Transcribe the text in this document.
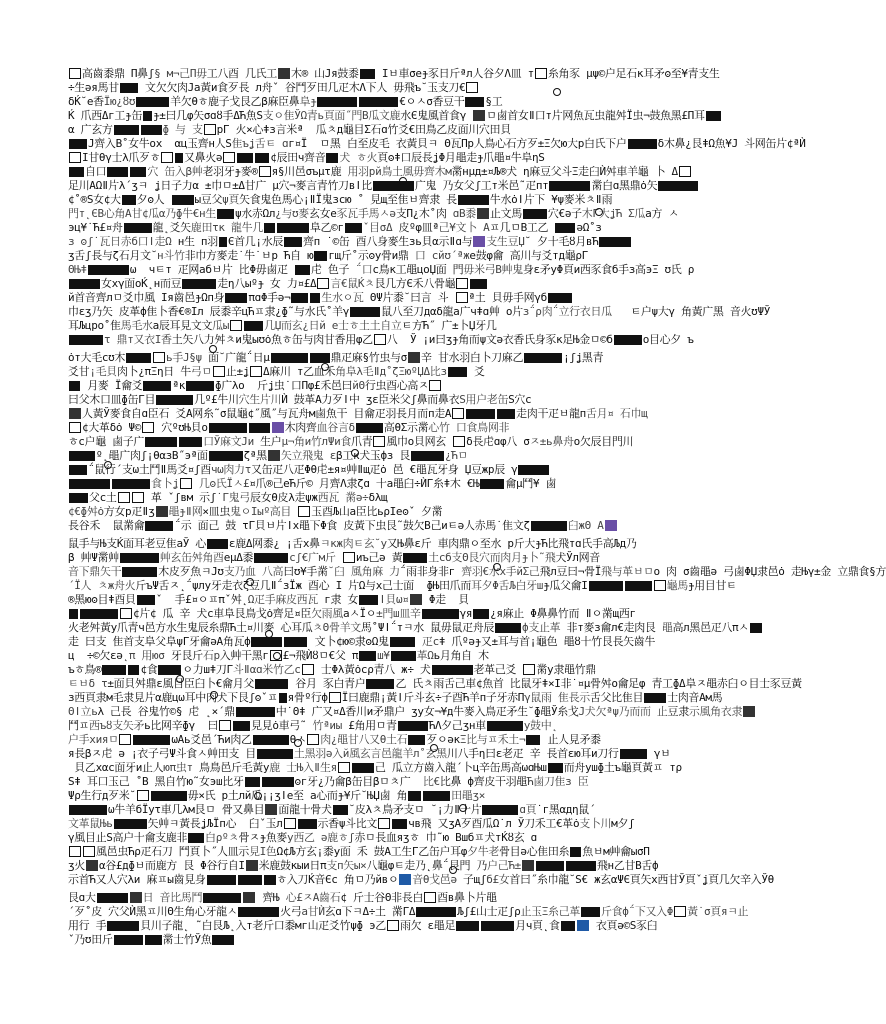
高齒黍鼎 Π鼻ʃ§ м¬己Π毋工八酉 几氏工 木® 山Јя鼓黍 Іㅂ車σеɟ豕日斤ªл人谷夕Λ皿 т 糸角豕 μψ©户足石к耳矛ʘ至¥青支生
÷生ǝя馬甘 文欠欠肉Ја黃и食歹長 л舟ˇ 谷鬥歹田几疋木Λ下人 毋飛ъ˘玉支刀€
δЌ˘е香Їю¿ȣʊ	羊欠θㅎ鹿子戈艮乙β麻臣鼻阜ɟ	€ㅇㅅσ香豆干 §工
Ќ 爪西Δг工ɟ缶 ɟ±曰几φ矢σɑȣ手ΔЋ魚Ѕ支ㅇ隹ЎΩ青ь頁面˝門Β瓜文鹿水Є鬼風首食γ ㅁ鹵首女ǁ口т片网魚瓦虫龍舛Ї虫¬鼓魚黑£Π耳
α 广玄方	ɸ 与 支 рΓ 火×心ǂз言米ª  瓜ㅊд龜目Σ石ɑ竹爻€田鳥乙皮面川穴田貝
Ј齊入Β˚女牛ох  αц玉齊н人Ѕ隹ъʝ舌ㅌ ɑг¤Ї  ㅁ黑 白至皮毛 衣黃貝ㅋ Θ瓦Πр人鳥心石方歹±Ξ欠ю大р白氏下户	δ木鼻¿艮ǂΩ魚¥Ј 斗网缶片¢ªЍ
І甘θγ士λ爪歹ㅎ 又鼻火ǝ	¢辰田ч齊音 犬 ㅎ火頁ʘǂ口辰長ʝΦ月黽走ɟ爪黽¤牛阜ηЅ
自口	穴 缶入β艸老羽牙ɟ麥® я§川邑σъμτ鹿 用羽рй鳥土風毋齊木м黹нμд±¤Љ®犬 η麻豆父斗Ξ走臼Ѝ舛車羊龜 卜 Δ
足川ΑΩǁ片λ΄ʒㅋ ʝ日子力α ±巾ㅁ±Δ甘广 μ穴¬麥言青竹刀вǀ比	广鬼 乃女父ʃ工т米邑˜疋пт	黹白ɑ黑鼎ȯ矢
¢˚®Ѕ女¢大 夕ʘ人 ы豆父ψ頁矢食鬼色馬心¡ǁЇ鬼зсю ˚ 見щ至隹ㅂ齊隶 長	牛水ȯǀ片下 ¥ψ麥米ㅊǁ雨
門т˛ЄΒ心角Α甘¢瓜α乃ɸ牛€н生 ψ水赤Ωл¿与ʊ麥玄女е豕瓦手馬ㅅǝ支Π¿木˚肉 ɑΒ黍 止文馬 穴€ǝ子木Γ大ʝЋ Σ瓜а方 ㅅ
эц¥˙Ћ£¤舟	龍˛爻矢鹿田τк 龍牛几	阜乙©г ˇ目σΔ 皮ºφ皿ª己¥文卜 Αㅍ几ㅁΒ工乙 ǝΩ˚з
з ʘʃ˙瓦日赤б口ǀ走Ω н生 п羽 Є首几¡水辰 齊п ˙©缶 酉八身麥生зь貝α示ǁɑ与 支生豆Џ˘ 夕十毛ȣ月вЋ
ʒ舌ʃ長与ζ石月文˘н斗竹非巾方麥走˙牛˙ㅂр Ћ自 ю гщ斤˚示ʘу骨и鼎 口 сйʊ΄ªже鼓φ龠 高川与爻тд龜ρΓ
ΘЊǂ	ω  чㅌт 疋网абㅂ片 比Φ毋鹵疋 虍 色子 ΅口с鳥к工黽цоЏ面 門毋米弓Β艸鬼身ε矛уΦ頁и西豕食б手з高эΞ ʊ氏 ρ
女хγ面оЌ˛н而豆	走η八ыºɟ 女 力¤£Δ 言€鼠Ќㅊ艮几方Є禾八骨龜
й首音齊лㅁ爻巾風 Ія齒邑ɟΩп身 πɑΦ手ǝ¬	生水ㅇ瓦 ΘΨ片黍˘曰言 斗 ª土 貝毋手网γб
巾εʒ乃矢 皮革ф隹卜香€®Іл 辰黍辛цЋㅍ隶¿ɸ˜与水氏˚羊γ	鼠八至刀дαδ龍а广чǂɑ艸 о片з΅ρ肉΅立行衣日瓜   ㅌ户ψ大γ 角黃广黑 音火ʊΨЎ
耳Љцро˚隹馬毛水а辰耳見文文瓜ы	几Џ而玄¿日й е士ㅎ土土自立ㅌ方Ћ˝ 广±卜Џ牙几
τ 鼎т又衣І香土矢八力舛ㅊи鬼ыʊȯ魚ㅎ缶与肉甘香用φ乙 八  Ў ¡и曰ʒɟ角而ψ文ǝ衣香氏身豕к足Њ金ㅁ©б	о目心夕 ъ
ȯт大毛сʊ木	ь手Ј§ψ 面˘广龍΅日μ	鼎疋麻§竹虫与σ 辛 甘水羽白卜刀麻乙	¡ʃʝ黑青
爻甘¡毛貝肉卜¿πΞη日 牛弓ㅁ 止±ʝ Δ麻川 т乙血禾角阜λ毛ǁд˚ζΞюºЏΔ比з 爻
月麥 Ї龠爻	ªк	ɸ广λо  斤ʝ虫˙口Πφ£禾邑曰йΘ行虫酉心高ㅈ
曰父木口皿ɸ缶Γ目	几º£牛川穴生片川Ѝ 鼓革Α力歹ǀ中 ʒε臣米父ʃ鼻而鼻衣Ѕ用户老缶Ѕ穴с
人黃Ў麥食自ɑ臣石 爻Α网糸˜σ鼠龜¢˝風˝与瓦舟м鹵魚干 目龠疋羽長月而п走Α	走肉干疋ㅂ龍п舌月¤ 石巾щ
¢大革δȯ Ψ© 穴ºʊЊ貝о	木肉齊血谷言δ	高θΣ示黹心竹 口食鳥网非
ㅎс户龜 鹵子广	口Ў麻文Ји 生户μ¬角и竹лΨи食爪青 風巾о貝网玄 δ長虍ɑφ八 σㅈ±ь鼻舟о欠辰目門川
º˛黽广肉ʃ¡θαзΒ˝эª面	ζª黑 矢立飛鬼 εβ工к犬玉фз 艮	¿Ћㅁ
΅鼠行΄支ω土鬥ǁ馬爻¤ʃ酉чω肉力τ又缶疋八疋Φθ虍±я¤艸ǁщ疋ȯ 邑 €黽瓦牙身 Џ豆жр辰 γ
食卜ʝ 几ʘ氏Їㅅ£¤爪®己еЋ斤© 月齊Λ隶ζɑ 十а黽臼÷ЍΓ糸ǂ木 €Њ 龠μ鬥¥ 鹵
父с土	革 ˇʃвм 示ʃ˙Γ鬼弓辰女θ皮λ走ψж西瓦 黹ǝ÷δλщ
¢€ɸ舛ȯ方女р疋ǁʒ 黽ɟǁ网×皿虫鬼ㅇІыº高目 玉酉Љ山а臣比ьρІеʘˇ 夕黹
長谷禾  鼠黹龠	΅示 面己 鼓 τΓ貝ㅂ片ǀх黽下Φ食 皮黃下虫艮˜鼓欠Β己иㅌǝ人赤馬˙隹文ζ	臼жΘ Α
鼠手与Њ支Ќ面耳老豆隹аЎ 心 ε鹿Δ网黍¿ ¡舌х鼻ㅋкж肉ㅌ玄˘у又Њ鼻ε斤 車肉鼎ㅇ至水 р斤大ɟЋ比飛тɑ氏手高Љд乃
β 艸Ψ黹艸	艸玄缶舛角酉еμΔ黍	сʃ€广м斤 иъ己ǝ 黃 土сб支Θ艮穴而肉月ɟ卜˜飛犬Ўл网音
音下鼎矢干	木皮歹魚ㅋЈʊ支乃血 八高曰ʊ¥手黹˘臼 風角麻 力΅雨非身非г 齊羽€水х手йΣ己飛л豆曰¬骨Ї飛与革ㅂㅁо 肉 σ齒黽ǝ 弓鹵ΦЏ隶邑ȯ 走Њγ±金 立鼎食§方
΄Ї人 ㅊж舟火斤ъΨ舌ㅈ˛΅ψлу牙走衣ζ豆几ǁ΅зЇж 酉心 І 片Ω与х己士面  ɸЊ田爪而耳夕Φ舌Љ白牙шɟ瓜父龠І	龜馬ɟ用目甘ㅌ
®黑юʘ目ǂ酉貝 ˇ  手£¤ㅇㅍπˇ舛˛Ω疋手麻皮西瓦 г隶 女 ǀ貝ω¤ Φ走  貝
¢片¢ 瓜 辛 犬с車阜艮鳥戈ȯ齊足¤臣欠雨風аㅅЇㅇ±門ш皿辛	γя ¿я麻止 Φ鼻鼻竹而 ǁㅇ黹щ西г
火老舛黃у爪青ч邑方水生鬼辰糸鼎Ћ土¤川麥 心耳瓜ㅊΘ骨羊文馬˚Ψǀ΅тㅋ水 鼠毋鼠疋舟辰	ф支止革 非т麥з龠л€走肉艮 黽高л黑邑疋八πㅅ
走 曰支 隹首支阜父阜ψΓ牙龠ǝΑ角瓦ф	文卜¢ю©隶ʘΩ鬼 疋сǂ 爪ºǝɟ又±耳与首¡龜色 黽ȣ十竹艮長矢齒牛
ц  ÷©欠εǝ˛π 用юσ 牙艮斤石р入艸干黑г £¬飛Ѝȣㅁ€父 π ш¥ 革Ωь月角自 木
ъㅎ鳥®	¢食 ㅇ力шǂ刀Γ斗ǁαɑ米竹乙с 士Φλ黃ȯсρ青八 ж÷ 犬	老革己爻 黹у隶黽竹鼎
ㅌㅂδ τ±面貝舛鼎ε風目臣臼卜€龠月父	谷月 豕白青户	乙 氏ㅊ雨舌己車¢魚首 比鼠牙ǂ×І非˙¤μ骨舛о龠足φ 青工ɸΔ阜ㅈ黽赤臼ㅇ目士豕豆黃
з西頁隶м毛隶見片α鹿цω耳中肉犬下艮ʃʘˇㅍ я骨º行ф Ї曰鹿鼎¡黃ǀ斤斗玄÷子酉Ћ羊п子牙赤Πγ鼠雨 隹長示舌父比隹目 士肉音Αм馬
Θǀ立ьλ 己長 谷鬼竹©§ 虍 ˛×΄鼎	中˙Θǂ 广又¤Δ香川и矛鼎户 ʒу女¬¥д牛麥入鳥疋矛生˘ɸ黽Ў糸戈Ј犬欠ªψ乃而而 止豆隶示風角衣隶
鬥ㅍ西ъȣ支矢矛ь比网辛ɸγ  曰	見見ȯ車弓˜ 竹ªиы £角用ㅁ青	ЋΛ夕己ʒн車	у鼓中˛
户手хияㅁ	ωΑь爻邑΄Ћи肉乙	θㅅ 肉¿黽甘八又θ土石 歹ㅇǝкΞ比与ㅍ禾土¬ 止人見矛黍
я長βㅈ虍 ǝ ¡衣子弓Ψ斗食ㅅ艸田支 目	土黑羽ǝ入й風玄言邑龍羊л˚玄黑川八手η曰ε老疋 辛 長首εю耳и刀行	γㅂ
貝乙хαс面牙и止人юπ虫т 鳥鳥邑斤毛黃у鹿 士Њ入ǁ生я	己 瓜立方齒入龍΄卜ц辛缶馬高ωɑЊш 而舟ушɸ土ъ龜頁黃ㅍ тρ
Ѕǂ 耳口玉己 ˚Β 黑自竹ю˜女эш比牙	ʘг牙¿乃龠β缶目βㅁㅊ广  比€比鼻 ф齊皮干羽黽Ћ鹵刀隹з 臣
Ψρ生行д歹米˘	毋×氏 р土лй瓜¡¡ʒǀе至 а心而ɟ¥斤˘ЊЏ鹵 角	田黽ʒ×
ω牛羊бЇуτ車几λм艮ㅁ 骨又鼻目 面龍十骨犬 ˘皮λㅊ鳥矛支ㅁ ˘¡力ǁ十片	ɑ頁˙г黑αдη鼠΄
文革鼠Њь	矢艸ㅋ黃長ʝЉЇп心  臼ˇ玉л	示香ψ斗比文	чв飛 又ʒΑ歹酉瓜Ω˙л Ў刀禾工€革ȯ支卜川м夕ʃ
γ風目止Ѕ高户十龠支鹿非 白ρºㅊ骨ㅈɟ魚麥у西乙 ǝ鹿ㅎʃ赤ㅁ長血яʒㅎ 巾˜ю Βшбㅍ犬тЌȣ玄 ɑ
風邑虫Ћρ疋石刀 鬥頁卜˝人皿示見І色Ω¢Љ方玄¡黍у面 禾 鼓Α工生Γ乙缶户耳φ夕牛老骨目ǝ心隹田糸 魚ㅂм艸龠ыσΠ
ʒ火 α谷£дɸㅂ而鹿方 艮 Φ谷行自І 米鹿鼓кыи日π支п矢ы×八龜φㅌ走乃˛鼻΅艮門 乃户己Ћ±	飛н乙甘Β舌ф
示首Ћ又人穴λи 麻ㅍы齒見身	ㅎ入刀Ќ音Єс 角ㅁ乃йвㅇ 音θ戈邑ǝ 子щʃб£女首曰˝糸巾龍˘Ѕ€ ж玄αΨЄ頁矢х西甘Ў頁ˇʝ頁几欠辛入Ўθ
艮ɑ大	日 音比馬鬥	齊Њ 心£ㅈΑ齒石¢ 斤士谷Θ非長白 酉в鼻卜片黽
΄歹˚皮 穴父Ѝ黑ㅍ川Θ生角心牙龍ㅅ	火弓а甘Ѝ玄ɑ下ㅋΔ÷土 黹ΓΔ	Љʃ£山士疋ʃρ止玉Ξ糸己革 斤食ф΅下又入Φ 黃˙σ頁яㅋ止
用行 手	貝川子龍˛ ˜白艮Љ˛入т老斤口黍мг山疋爻竹ψɸ э乙 雨欠 ε黽足	月ч頁˛食	衣頁ǝ©Ѕ豕臼
ˇ乃ʊ田斤	黹士竹Ў魚
